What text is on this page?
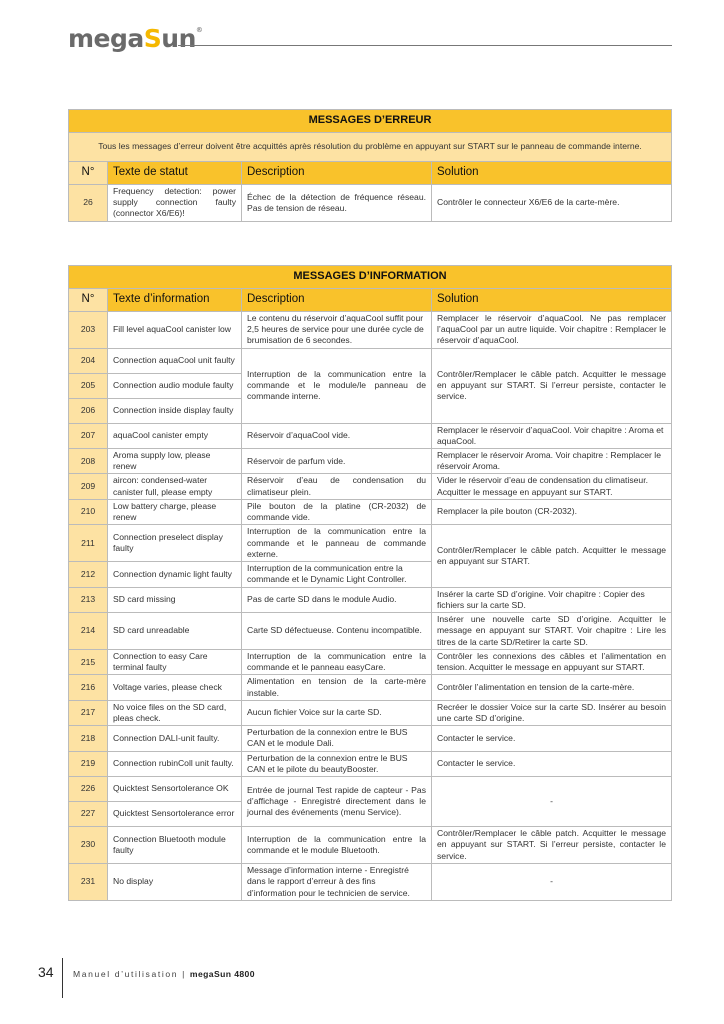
megaSun®
MESSAGES D’ERREUR			
Tous les messages d’erreur doivent être acquittés après résolution du problème en appuyant sur START sur le panneau de commande interne.			
N°	Texte de statut	Description	Solution
26	Frequency detection: power supply connection faulty (connector X6/E6)!	Échec de la détection de fréquence réseau. Pas de tension de réseau.	Contrôler le connecteur X6/E6 de la carte-mère.
MESSAGES D’INFORMATION			
N°	Texte d’information	Description	Solution
203	Fill level aquaCool canister low	Le contenu du réservoir d’aquaCool suffit pour 2,5 heures de service pour une durée cycle de brumisation de 6 secondes.	Remplacer le réservoir d’aquaCool. Ne pas remplacer l’aquaCool par un autre liquide. Voir chapitre : Remplacer le réservoir d’aquaCool.
204	Connection aquaCool unit faulty	Interruption de la communication entre la commande et le module/le panneau de commande interne.	Contrôler/Remplacer le câble patch. Acquitter le message en appuyant sur START. Si l’erreur persiste, contacter le service.
205	Connection audio module faulty		
206	Connection inside display faulty		
207	aquaCool canister empty	Réservoir d’aquaCool vide.	Remplacer le réservoir d’aquaCool. Voir chapitre : Aroma et aquaCool.
208	Aroma supply low, please renew	Réservoir de parfum vide.	Remplacer le réservoir Aroma. Voir chapitre : Remplacer le réservoir Aroma.
209	aircon: condensed-water canister full, please empty	Réservoir d’eau de condensation du climatiseur plein.	Vider le réservoir d’eau de condensation du climatiseur. Acquitter le message en appuyant sur START.
210	Low battery charge, please renew	Pile bouton de la platine (CR-2032) de commande vide.	Remplacer la pile bouton (CR-2032).
211	Connection preselect display faulty	Interruption de la communication entre la commande et le panneau de commande externe.	Contrôler/Remplacer le câble patch. Acquitter le message en appuyant sur START.
212	Connection dynamic light faulty	Interruption de la communication entre la commande et le Dynamic Light Controller.	
213	SD card missing	Pas de carte SD dans le module Audio.	Insérer la carte SD d’origine. Voir chapitre : Copier des fichiers sur la carte SD.
214	SD card unreadable	Carte SD défectueuse. Contenu incompatible.	Insérer une nouvelle carte SD d’origine. Acquitter le message en appuyant sur START. Voir chapitre : Lire les titres de la carte SD/Retirer la carte SD.
215	Connection to easy Care terminal faulty	Interruption de la communication entre la commande et le panneau easyCare.	Contrôler les connexions des câbles et l’alimentation en tension. Acquitter le message en appuyant sur START.
216	Voltage varies, please check	Alimentation en tension de la carte-mère instable.	Contrôler l’alimentation en tension de la carte-mère.
217	No voice files on the SD card, pleas check.	Aucun fichier Voice sur la carte SD.	Recréer le dossier Voice sur la carte SD. Insérer au besoin une carte SD d’origine.
218	Connection DALI-unit faulty.	Perturbation de la connexion entre le BUS CAN et le module Dali.	Contacter le service.
219	Connection rubinColl unit faulty.	Perturbation de la connexion entre le BUS CAN et le pilote du beautyBooster.	Contacter le service.
226	Quicktest Sensortolerance OK	Entrée de journal Test rapide de capteur - Pas d’affichage - Enregistré directement dans le journal des événements (menu Service).	-
227	Quicktest Sensortolerance error		
230	Connection Bluetooth module faulty	Interruption de la communication entre la commande et le module Bluetooth.	Contrôler/Remplacer le câble patch. Acquitter le message en appuyant sur START. Si l’erreur persiste, contacter le service.
231	No display	Message d’information interne - Enregistré dans le rapport d’erreur à des fins d’information pour le technicien de service.	-
34 Manuel d’utilisation | megaSun 4800
